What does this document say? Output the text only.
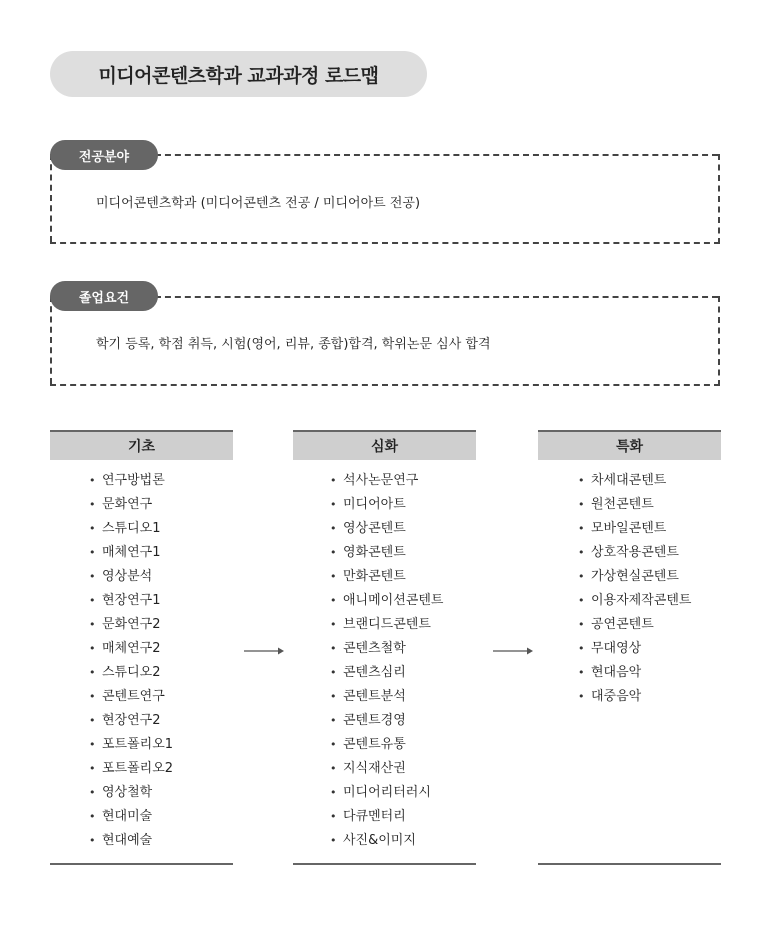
미디어콘텐츠학과 교과과정 로드맵
전공분야
미디어콘텐츠학과 (미디어콘텐츠 전공 / 미디어아트 전공)
졸업요건
학기 등록, 학점 취득, 시험(영어, 리뷰, 종합)합격, 학위논문 심사 합격
기초
• 연구방법론
• 문화연구
• 스튜디오1
• 매체연구1
• 영상분석
• 현장연구1
• 문화연구2
• 매체연구2
• 스튜디오2
• 콘텐트연구
• 현장연구2
• 포트폴리오1
• 포트폴리오2
• 영상철학
• 현대미술
• 현대예술
심화
• 석사논문연구
• 미디어아트
• 영상콘텐트
• 영화콘텐트
• 만화콘텐트
• 애니메이션콘텐트
• 브랜디드콘텐트
• 콘텐츠철학
• 콘텐츠심리
• 콘텐트분석
• 콘텐트경영
• 콘텐트유통
• 지식재산권
• 미디어리터러시
• 다큐멘터리
• 사진&이미지
특화
• 차세대콘텐트
• 원천콘텐트
• 모바일콘텐트
• 상호작용콘텐트
• 가상현실콘텐트
• 이용자제작콘텐트
• 공연콘텐트
• 무대영상
• 현대음악
• 대중음악
